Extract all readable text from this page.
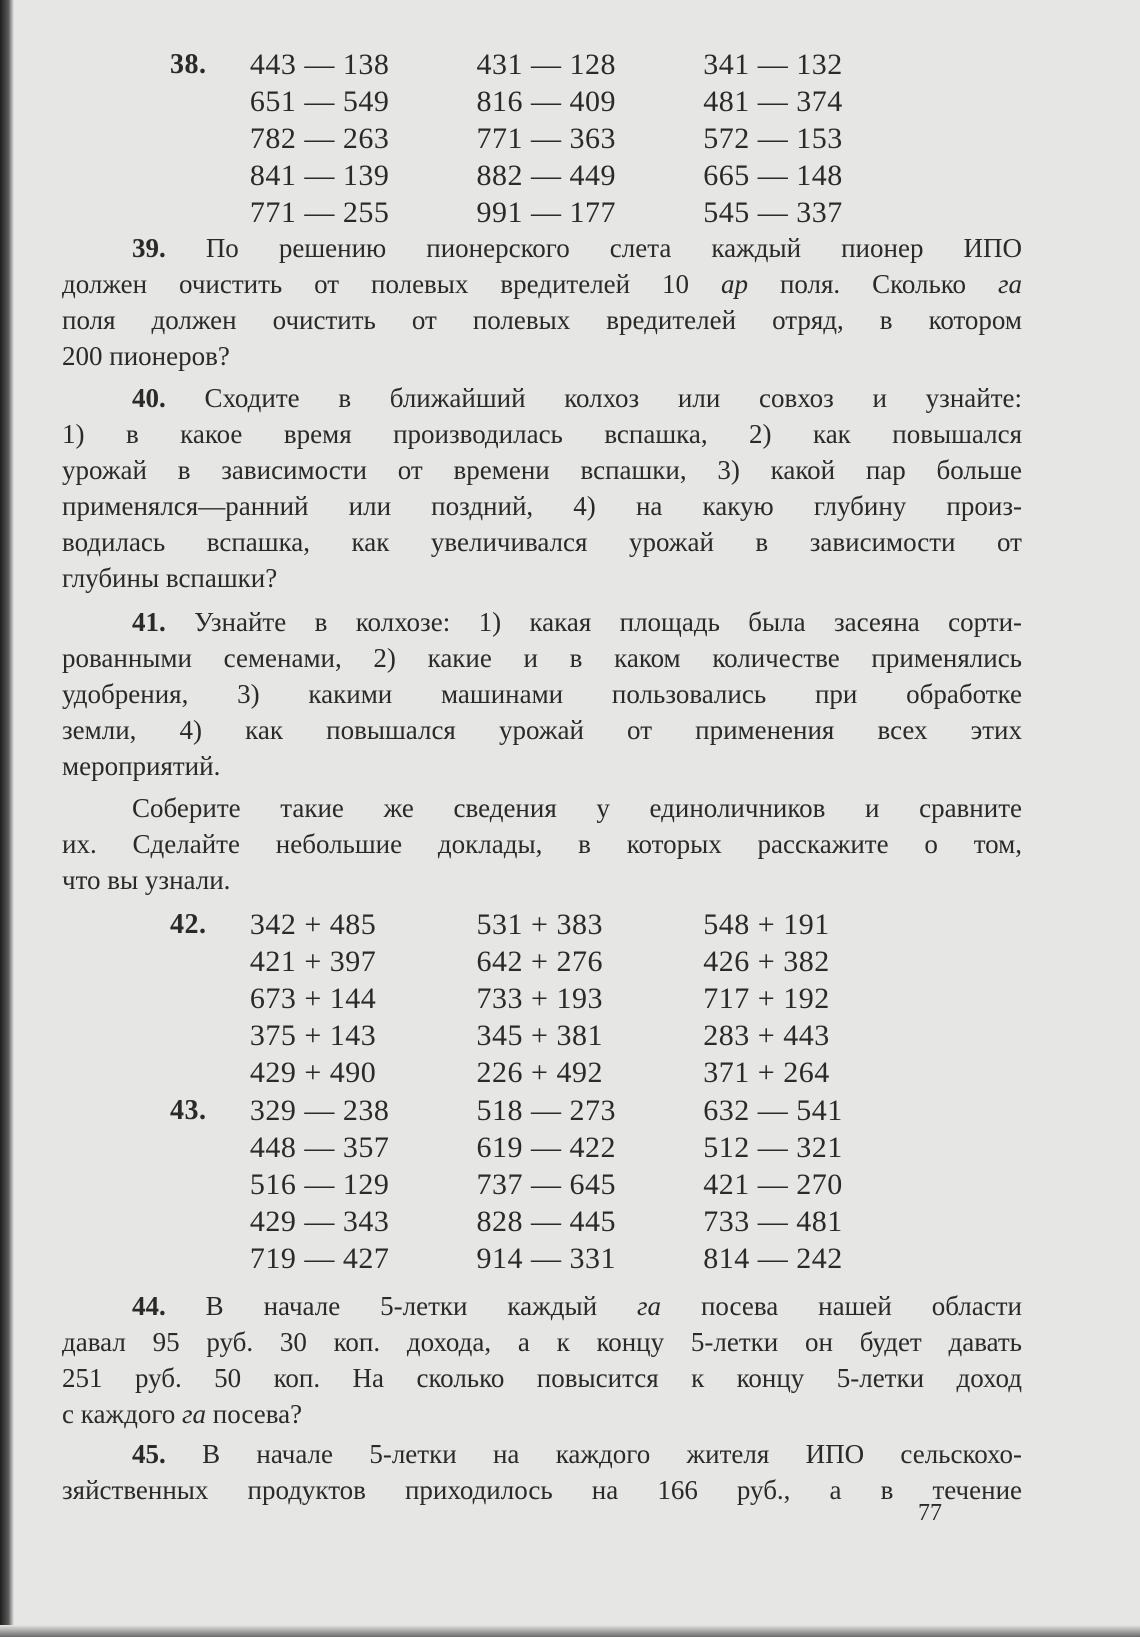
38.	443 — 138	431 — 128	341 — 132
651 — 549	816 — 409	481 — 374
782 — 263	771 — 363	572 — 153
841 — 139	882 — 449	665 — 148
771 — 255	991 — 177	545 — 337
39. По решению пионерского слета каждый пионер ИПО
должен очистить от полевых вредителей 10 ар поля. Сколько га
поля должен очистить от полевых вредителей отряд, в котором
200 пионеров?
40. Сходите в ближайший колхоз или совхоз и узнайте:
1) в какое время производилась вспашка, 2) как повышался
урожай в зависимости от времени вспашки, 3) какой пар больше
применялся—ранний или поздний, 4) на какую глубину произ-
водилась вспашка, как увеличивался урожай в зависимости от
глубины вспашки?
41. Узнайте в колхозе: 1) какая площадь была засеяна сорти-
рованными семенами, 2) какие и в каком количестве применялись
удобрения, 3) какими машинами пользовались при обработке
земли, 4) как повышался урожай от применения всех этих
мероприятий.
Соберите такие же сведения у единоличников и сравните
их. Сделайте небольшие доклады, в которых расскажите о том,
что вы узнали.
42.	342 + 485	531 + 383	548 + 191
421 + 397	642 + 276	426 + 382
673 + 144	733 + 193	717 + 192
375 + 143	345 + 381	283 + 443
429 + 490	226 + 492	371 + 264
43.	329 — 238	518 — 273	632 — 541
448 — 357	619 — 422	512 — 321
516 — 129	737 — 645	421 — 270
429 — 343	828 — 445	733 — 481
719 — 427	914 — 331	814 — 242
44. В начале 5-летки каждый га посева нашей области
давал 95 руб. 30 коп. дохода, а к концу 5-летки он будет давать
251 руб. 50 коп. На сколько повысится к концу 5-летки доход
с каждого га посева?
45. В начале 5-летки на каждого жителя ИПО сельскохо-
зяйственных продуктов приходилось на 166 руб., а в течение
77
